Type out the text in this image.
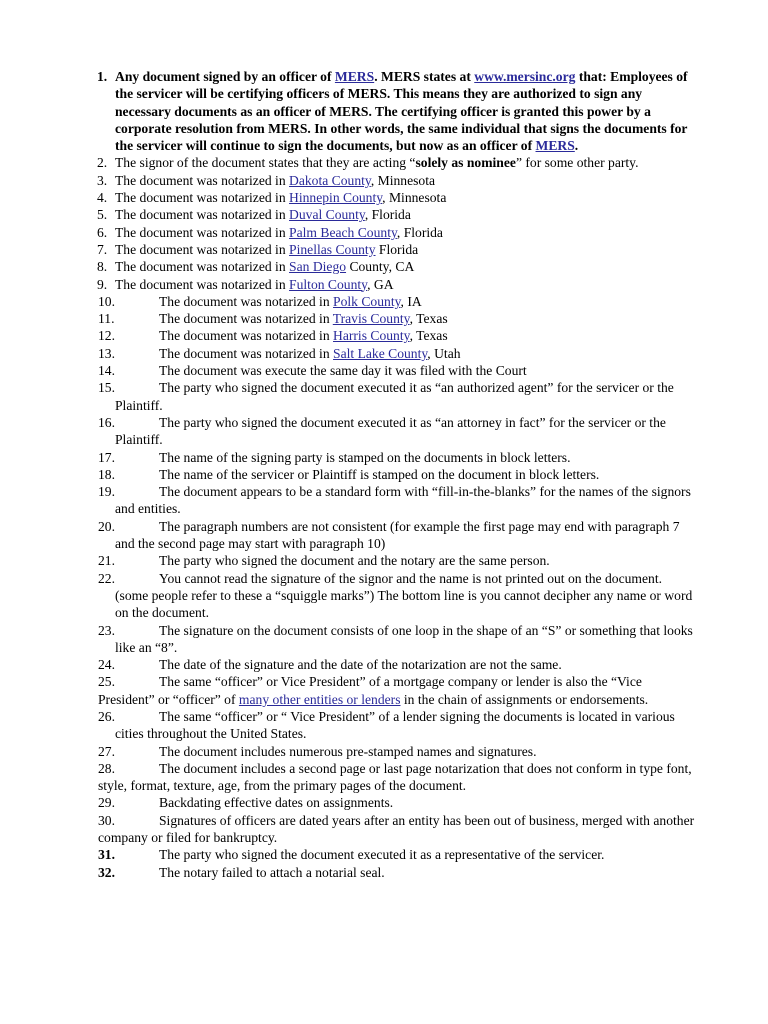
1. Any document signed by an officer of MERS. MERS states at www.mersinc.org that: Employees of the servicer will be certifying officers of MERS. This means they are authorized to sign any necessary documents as an officer of MERS. The certifying officer is granted this power by a corporate resolution from MERS. In other words, the same individual that signs the documents for the servicer will continue to sign the documents, but now as an officer of MERS.
2. The signor of the document states that they are acting “solely as nominee” for some other party.
3. The document was notarized in Dakota County, Minnesota
4. The document was notarized in Hinnepin County, Minnesota
5. The document was notarized in Duval County, Florida
6. The document was notarized in Palm Beach County, Florida
7. The document was notarized in Pinellas County Florida
8. The document was notarized in San Diego County, CA
9. The document was notarized in Fulton County, GA
10.	The document was notarized in Polk County, IA
11.	The document was notarized in Travis County, Texas
12.	The document was notarized in Harris County, Texas
13.	The document was notarized in Salt Lake County, Utah
14.	The document was execute the same day it was filed with the Court
15.	The party who signed the document executed it as “an authorized agent” for the servicer or the Plaintiff.
16.	The party who signed the document executed it as “an attorney in fact” for the servicer or the Plaintiff.
17.	The name of the signing party is stamped on the documents in block letters.
18.	The name of the servicer or Plaintiff is stamped on the document in block letters.
19.	The document appears to be a standard form with “fill-in-the-blanks” for the names of the signors and entities.
20.	The paragraph numbers are not consistent (for example the first page may end with paragraph 7 and the second page may start with paragraph 10)
21.	The party who signed the document and the notary are the same person.
22.	You cannot read the signature of the signor and the name is not printed out on the document. (some people refer to these a “squiggle marks”) The bottom line is you cannot decipher any name or word on the document.
23.	The signature on the document consists of one loop in the shape of an “S” or something that looks like an “8”.
24.	The date of the signature and the date of the notarization are not the same.
25.	The same “officer” or Vice President” of a mortgage company or lender is also the “Vice President” or “officer” of many other entities or lenders in the chain of assignments or endorsements.
26.	The same “officer” or “ Vice President” of a lender signing the documents is located in various cities throughout the United States.
27.	The document includes numerous pre-stamped names and signatures.
28.	The document includes a second page or last page notarization that does not conform in type font, style, format, texture, age, from the primary pages of the document.
29.	Backdating effective dates on assignments.
30.	Signatures of officers are dated years after an entity has been out of business, merged with another company or filed for bankruptcy.
31.	The party who signed the document executed it as a representative of the servicer.
32.	The notary failed to attach a notarial seal.
